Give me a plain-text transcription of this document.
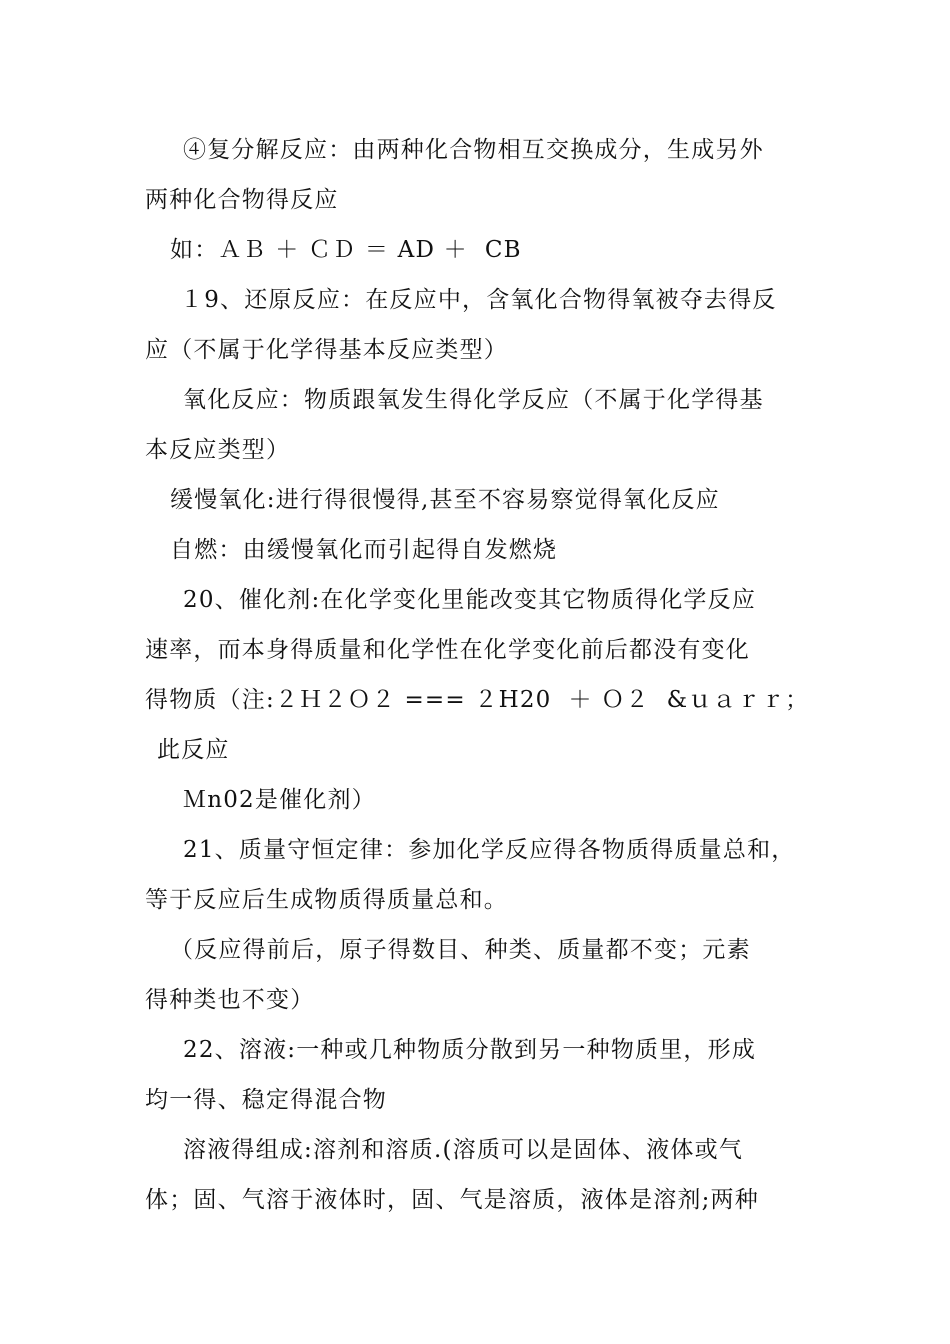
④复分解反应：由两种化合物相互交换成分，生成另外
两种化合物得反应
如：ＡＢ ＋ ＣＤ ＝ AD ＋  CB
１9、还原反应：在反应中，含氧化合物得氧被夺去得反
应（不属于化学得基本反应类型）
氧化反应：物质跟氧发生得化学反应（不属于化学得基
本反应类型）
缓慢氧化:进行得很慢得,甚至不容易察觉得氧化反应
自燃：由缓慢氧化而引起得自发燃烧
20、催化剂:在化学变化里能改变其它物质得化学反应
速率，而本身得质量和化学性在化学变化前后都没有变化
得物质（注:２Ｈ２Ｏ２ === ２H20  ＋ Ｏ２  &ｕａｒｒ；
此反应
Ｍn02是催化剂）
21、质量守恒定律：参加化学反应得各物质得质量总和，
等于反应后生成物质得质量总和。
（反应得前后，原子得数目、种类、质量都不变；元素
得种类也不变）
22、溶液:一种或几种物质分散到另一种物质里，形成
均一得、稳定得混合物
溶液得组成:溶剂和溶质.(溶质可以是固体、液体或气
体；固、气溶于液体时，固、气是溶质，液体是溶剂;两种
